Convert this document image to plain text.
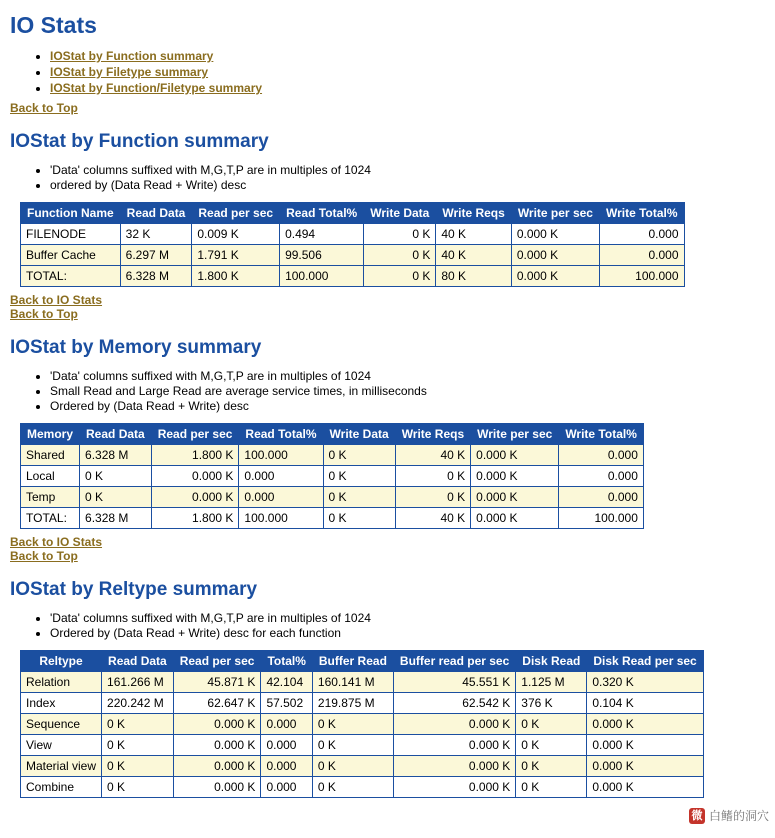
IO Stats
• IOStat by Function summary
• IOStat by Filetype summary
• IOStat by Function/Filetype summary
Back to Top
IOStat by Function summary
• 'Data' columns suffixed with M,G,T,P are in multiples of 1024
• ordered by (Data Read + Write) desc
Function Name	Read Data	Read per sec	Read Total%	Write Data	Write Reqs	Write per sec	Write Total%
FILENODE	32 K	0.009 K	0.494	0 K	40 K	0.000 K	0.000
Buffer Cache	6.297 M	1.791 K	99.506	0 K	40 K	0.000 K	0.000
TOTAL:	6.328 M	1.800 K	100.000	0 K	80 K	0.000 K	100.000
Back to IO Stats
Back to Top
IOStat by Memory summary
• 'Data' columns suffixed with M,G,T,P are in multiples of 1024
• Small Read and Large Read are average service times, in milliseconds
• Ordered by (Data Read + Write) desc
Memory	Read Data	Read per sec	Read Total%	Write Data	Write Reqs	Write per sec	Write Total%
Shared	6.328 M	1.800 K	100.000	0 K	40 K	0.000 K	0.000
Local	0 K	0.000 K	0.000	0 K	0 K	0.000 K	0.000
Temp	0 K	0.000 K	0.000	0 K	0 K	0.000 K	0.000
TOTAL:	6.328 M	1.800 K	100.000	0 K	40 K	0.000 K	100.000
Back to IO Stats
Back to Top
IOStat by Reltype summary
• 'Data' columns suffixed with M,G,T,P are in multiples of 1024
• Ordered by (Data Read + Write) desc for each function
Reltype	Read Data	Read per sec	Total%	Buffer Read	Buffer read per sec	Disk Read	Disk Read per sec
Relation	161.266 M	45.871 K	42.104	160.141 M	45.551 K	1.125 M	0.320 K
Index	220.242 M	62.647 K	57.502	219.875 M	62.542 K	376 K	0.104 K
Sequence	0 K	0.000 K	0.000	0 K	0.000 K	0 K	0.000 K
View	0 K	0.000 K	0.000	0 K	0.000 K	0 K	0.000 K
Material view	0 K	0.000 K	0.000	0 K	0.000 K	0 K	0.000 K
Combine	0 K	0.000 K	0.000	0 K	0.000 K	0 K	0.000 K
微 白鳍的洞穴
